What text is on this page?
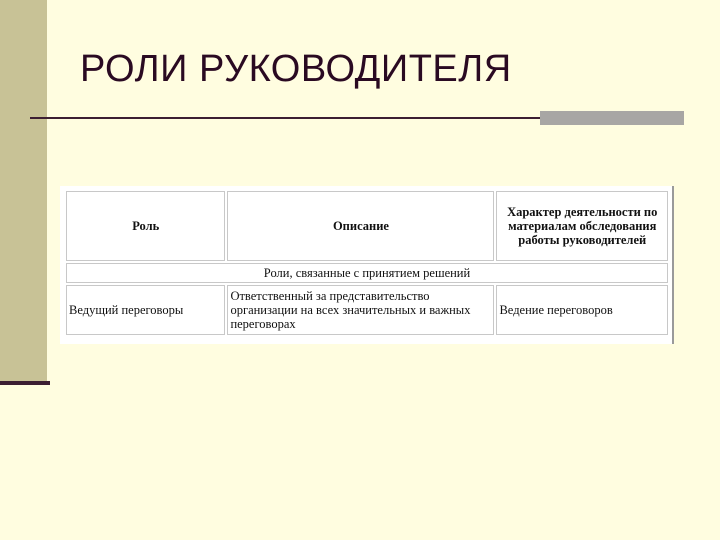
РОЛИ РУКОВОДИТЕЛЯ
Роль	Описание	Характер деятельности по материалам обследования работы руководителей
Роли, связанные с принятием решений		
Ведущий переговоры	Ответственный за представительство организации на всех значительных и важных переговорах	Ведение переговоров
